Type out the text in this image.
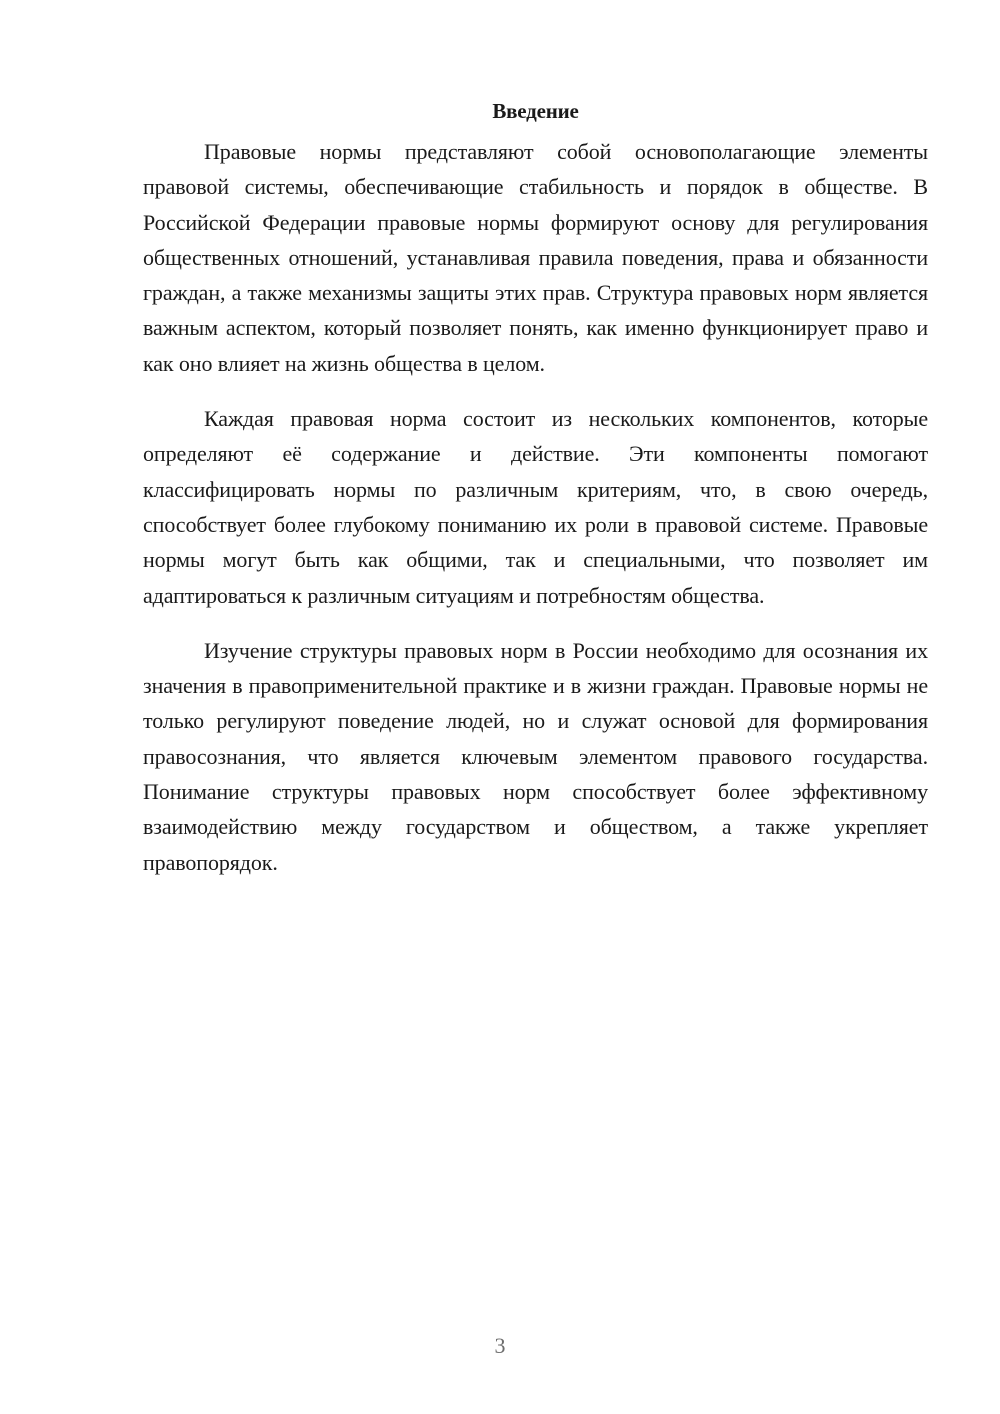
Введение

Правовые нормы представляют собой основополагающие элементы правовой системы, обеспечивающие стабильность и порядок в обществе. В Российской Федерации правовые нормы формируют основу для регулирования общественных отношений, устанавливая правила поведения, права и обязанности граждан, а также механизмы защиты этих прав. Структура правовых норм является важным аспектом, который позволяет понять, как именно функционирует право и как оно влияет на жизнь общества в целом.

Каждая правовая норма состоит из нескольких компонентов, которые определяют её содержание и действие. Эти компоненты помогают классифицировать нормы по различным критериям, что, в свою очередь, способствует более глубокому пониманию их роли в правовой системе. Правовые нормы могут быть как общими, так и специальными, что позволяет им адаптироваться к различным ситуациям и потребностям общества.

Изучение структуры правовых норм в России необходимо для осознания их значения в правоприменительной практике и в жизни граждан. Правовые нормы не только регулируют поведение людей, но и служат основой для формирования правосознания, что является ключевым элементом правового государства. Понимание структуры правовых норм способствует более эффективному взаимодействию между государством и обществом, а также укрепляет правопорядок.

3
